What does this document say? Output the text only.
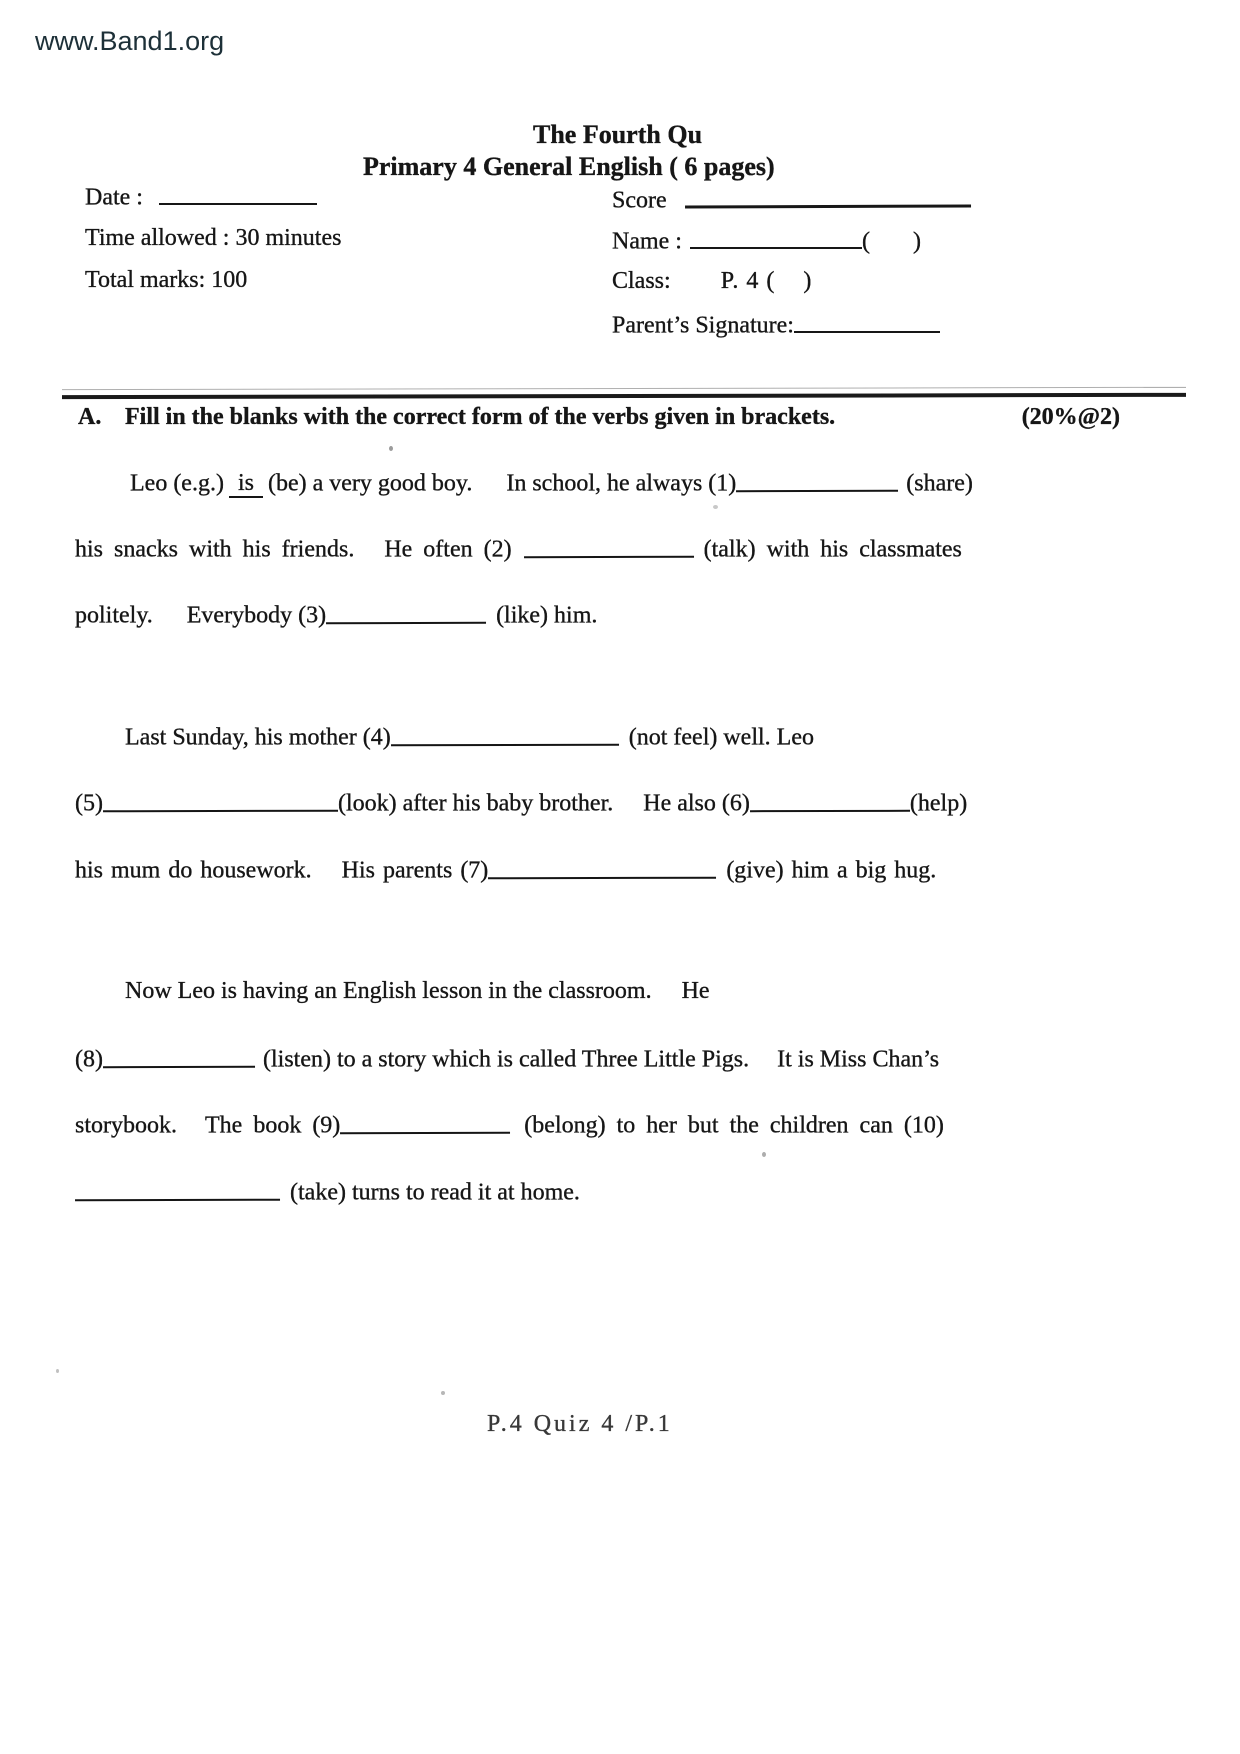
www.Band1.org
The Fourth Qu
Primary 4 General English ( 6 pages)
Date :	Score
Time allowed : 30 minutes	Name :	(      )
Total marks: 100	Class: P. 4 (    )
Parent’s Signature:
A. Fill in the blanks with the correct form of the verbs given in brackets.	(20%@2)
Leo (e.g.) is (be) a very good boy. In school, he always (1)	(share)
his snacks with his friends. He often (2)	(talk) with his classmates
politely. Everybody (3)	(like) him.
Last Sunday, his mother (4)	(not feel) well. Leo
(5)	(look) after his baby brother. He also (6)	(help)
his mum do housework. His parents (7)	(give) him a big hug.
Now Leo is having an English lesson in the classroom. He
(8)	(listen) to a story which is called Three Little Pigs. It is Miss Chan’s
storybook. The book (9)	(belong) to her but the children can (10)
(take) turns to read it at home.
P.4 Quiz 4 /P.1
